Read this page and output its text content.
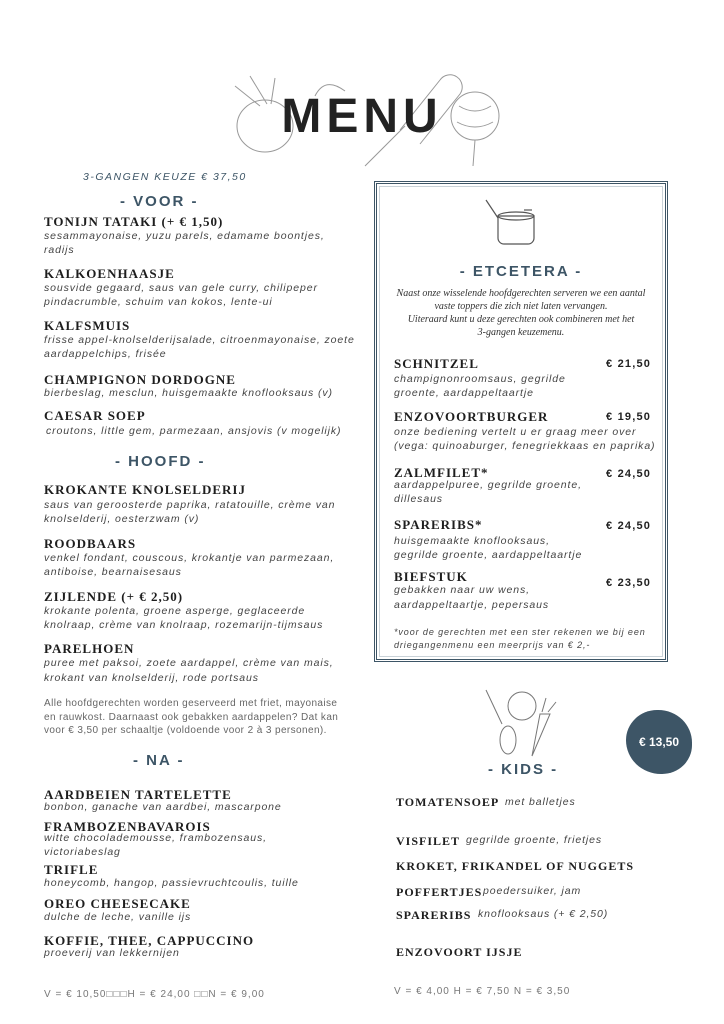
MENU
3-GANGEN KEUZE € 37,50
- VOOR -
TONIJN TATAKI (+ € 1,50)
sesammayonaise, yuzu parels, edamame boontjes,
radijs
KALKOENHAASJE
sousvide gegaard, saus van gele curry, chilipeper
pindacrumble, schuim van kokos, lente-ui
KALFSMUIS
frisse appel-knolselderijsalade, citroenmayonaise, zoete
aardappelchips, frisée
CHAMPIGNON DORDOGNE
bierbeslag, mesclun, huisgemaakte knoflooksaus (v)
CAESAR SOEP
croutons, little gem, parmezaan, ansjovis (v mogelijk)
- HOOFD -
KROKANTE KNOLSELDERIJ
saus van geroosterde paprika, ratatouille, crème van
knolselderij, oesterzwam (v)
ROODBAARS
venkel fondant, couscous, krokantje van parmezaan,
antiboise, bearnaisesaus
ZIJLENDE (+ € 2,50)
krokante polenta, groene asperge, geglaceerde
knolraap, crème van knolraap, rozemarijn-tijmsaus
PARELHOEN
puree met paksoi, zoete aardappel, crème van mais,
krokant van knolselderij, rode portsaus
Alle hoofdgerechten worden geserveerd met friet, mayonaise
en rauwkost. Daarnaast ook gebakken aardappelen? Dat kan
voor € 3,50 per schaaltje (voldoende voor 2 à 3 personen).
- NA -
AARDBEIEN TARTELETTE
bonbon, ganache van aardbei, mascarpone
FRAMBOZENBAVAROIS
witte chocolademousse, frambozensaus,
victoriabeslag
TRIFLE
honeycomb, hangop, passievruchtcoulis, tuille
OREO CHEESECAKE
dulche de leche, vanille ijs
KOFFIE, THEE, CAPPUCCINO
proeverij van lekkernijen
V = € 10,50□□□H = € 24,00 □□N = € 9,00
- ETCETERA -
Naast onze wisselende hoofdgerechten serveren we een aantal
vaste toppers die zich niet laten vervangen.
Uiteraard kunt u deze gerechten ook combineren met het
3-gangen keuzemenu.
SCHNITZEL	€ 21,50
champignonroomsaus, gegrilde
groente, aardappeltaartje
ENZOVOORTBURGER	€ 19,50
onze bediening vertelt u er graag meer over
(vega: quinoaburger, fenegriekkaas en paprika)
ZALMFILET*	€ 24,50
aardappelpuree, gegrilde groente,
dillesaus
SPARERIBS*	€ 24,50
huisgemaakte knoflooksaus,
gegrilde groente, aardappeltaartje
BIEFSTUK	€ 23,50
gebakken naar uw wens,
aardappeltaartje, pepersaus
*voor de gerechten met een ster rekenen we bij een
driegangenmenu een meerprijs van € 2,-
- KIDS -
€ 13,50
TOMATENSOEP met balletjes
VISFILET gegrilde groente, frietjes
KROKET, FRIKANDEL OF NUGGETS
POFFERTJES poedersuiker, jam
SPARERIBS knoflooksaus (+ € 2,50)
ENZOVOORT IJSJE
V = € 4,00 H = € 7,50 N = € 3,50
